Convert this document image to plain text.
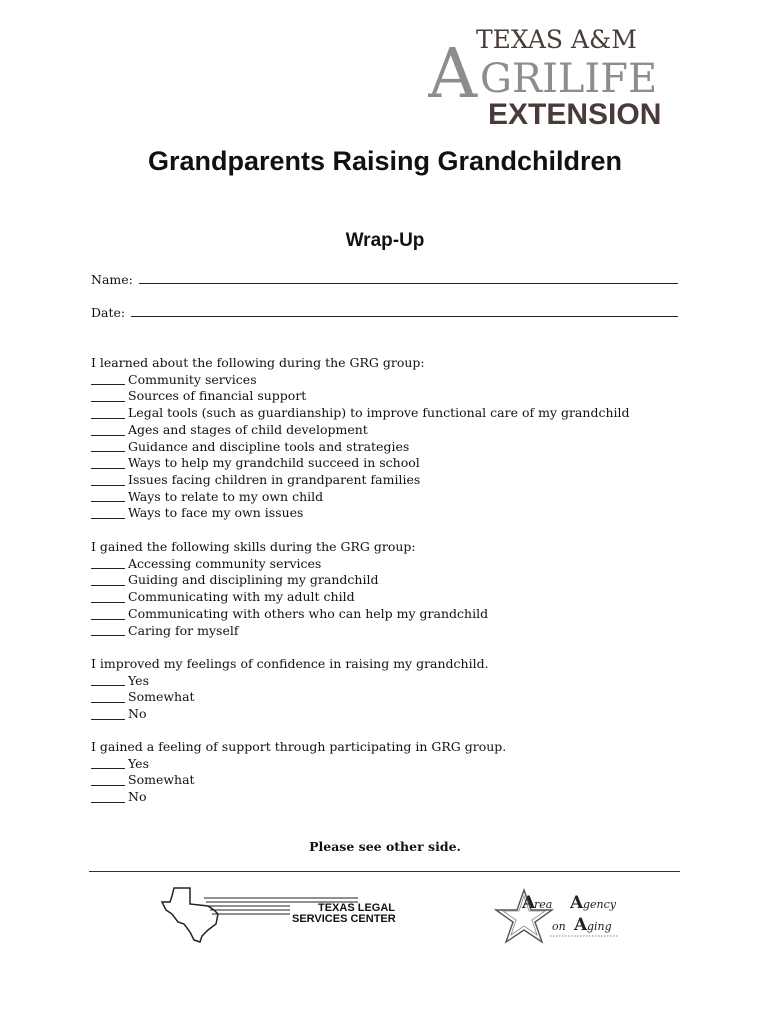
TEXAS A&M
A GRILIFE
EXTENSION
Grandparents Raising Grandchildren
Wrap-Up
Name:
Date:
I learned about the following during the GRG group:
Community services
Sources of financial support
Legal tools (such as guardianship) to improve functional care of my grandchild
Ages and stages of child development
Guidance and discipline tools and strategies
Ways to help my grandchild succeed in school
Issues facing children in grandparent families
Ways to relate to my own child
Ways to face my own issues
I gained the following skills during the GRG group:
Accessing community services
Guiding and disciplining my grandchild
Communicating with my adult child
Communicating with others who can help my grandchild
Caring for myself
I improved my feelings of confidence in raising my grandchild.
Yes
Somewhat
No
I gained a feeling of support through participating in GRG group.
Yes
Somewhat
No
Please see other side.
TEXAS LEGAL
SERVICES CENTER
A
rea A gency
on A ging
